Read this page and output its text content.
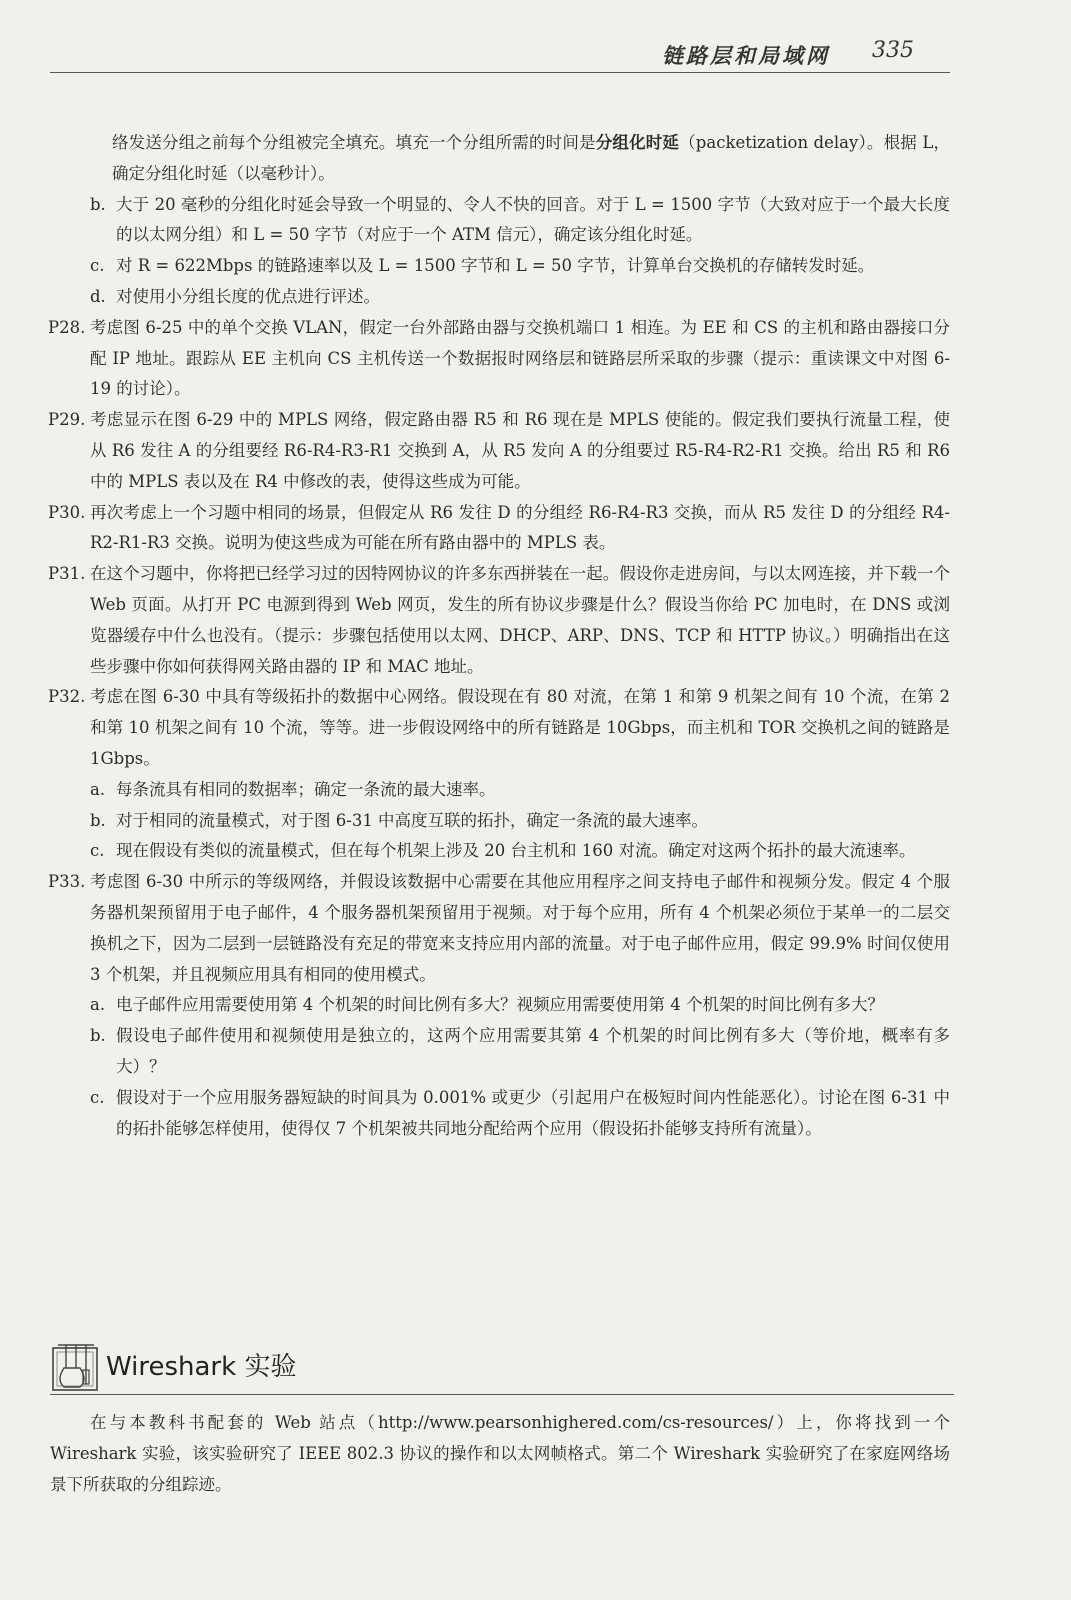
链路层和局域网 335

络发送分组之前每个分组被完全填充。填充一个分组所需的时间是分组化时延（packetization delay）。根据 L，确定分组化时延（以毫秒计）。

b. 大于 20 毫秒的分组化时延会导致一个明显的、令人不快的回音。对于 L = 1500 字节（大致对应于一个最大长度的以太网分组）和 L = 50 字节（对应于一个 ATM 信元），确定该分组化时延。

c. 对 R = 622Mbps 的链路速率以及 L = 1500 字节和 L = 50 字节，计算单台交换机的存储转发时延。

d. 对使用小分组长度的优点进行评述。

P28. 考虑图 6-25 中的单个交换 VLAN，假定一台外部路由器与交换机端口 1 相连。为 EE 和 CS 的主机和路由器接口分配 IP 地址。跟踪从 EE 主机向 CS 主机传送一个数据报时网络层和链路层所采取的步骤（提示：重读课文中对图 6-19 的讨论）。

P29. 考虑显示在图 6-29 中的 MPLS 网络，假定路由器 R5 和 R6 现在是 MPLS 使能的。假定我们要执行流量工程，使从 R6 发往 A 的分组要经 R6-R4-R3-R1 交换到 A，从 R5 发向 A 的分组要过 R5-R4-R2-R1 交换。给出 R5 和 R6 中的 MPLS 表以及在 R4 中修改的表，使得这些成为可能。

P30. 再次考虑上一个习题中相同的场景，但假定从 R6 发往 D 的分组经 R6-R4-R3 交换，而从 R5 发往 D 的分组经 R4-R2-R1-R3 交换。说明为使这些成为可能在所有路由器中的 MPLS 表。

P31. 在这个习题中，你将把已经学习过的因特网协议的许多东西拼装在一起。假设你走进房间，与以太网连接，并下载一个 Web 页面。从打开 PC 电源到得到 Web 网页，发生的所有协议步骤是什么？假设当你给 PC 加电时，在 DNS 或浏览器缓存中什么也没有。（提示：步骤包括使用以太网、DHCP、ARP、DNS、TCP 和 HTTP 协议。）明确指出在这些步骤中你如何获得网关路由器的 IP 和 MAC 地址。

P32. 考虑在图 6-30 中具有等级拓扑的数据中心网络。假设现在有 80 对流，在第 1 和第 9 机架之间有 10 个流，在第 2 和第 10 机架之间有 10 个流，等等。进一步假设网络中的所有链路是 10Gbps，而主机和 TOR 交换机之间的链路是 1Gbps。

a. 每条流具有相同的数据率；确定一条流的最大速率。

b. 对于相同的流量模式，对于图 6-31 中高度互联的拓扑，确定一条流的最大速率。

c. 现在假设有类似的流量模式，但在每个机架上涉及 20 台主机和 160 对流。确定对这两个拓扑的最大流速率。

P33. 考虑图 6-30 中所示的等级网络，并假设该数据中心需要在其他应用程序之间支持电子邮件和视频分发。假定 4 个服务器机架预留用于电子邮件，4 个服务器机架预留用于视频。对于每个应用，所有 4 个机架必须位于某单一的二层交换机之下，因为二层到一层链路没有充足的带宽来支持应用内部的流量。对于电子邮件应用，假定 99.9% 时间仅使用 3 个机架，并且视频应用具有相同的使用模式。

a. 电子邮件应用需要使用第 4 个机架的时间比例有多大？视频应用需要使用第 4 个机架的时间比例有多大？

b. 假设电子邮件使用和视频使用是独立的，这两个应用需要其第 4 个机架的时间比例有多大（等价地，概率有多大）？

c. 假设对于一个应用服务器短缺的时间具为 0.001% 或更少（引起用户在极短时间内性能恶化）。讨论在图 6-31 中的拓扑能够怎样使用，使得仅 7 个机架被共同地分配给两个应用（假设拓扑能够支持所有流量）。

Wireshark 实验

在与本教科书配套的 Web 站点（http://www.pearsonhighered.com/cs-resources/）上，你将找到一个 Wireshark 实验，该实验研究了 IEEE 802.3 协议的操作和以太网帧格式。第二个 Wireshark 实验研究了在家庭网络场景下所获取的分组踪迹。
